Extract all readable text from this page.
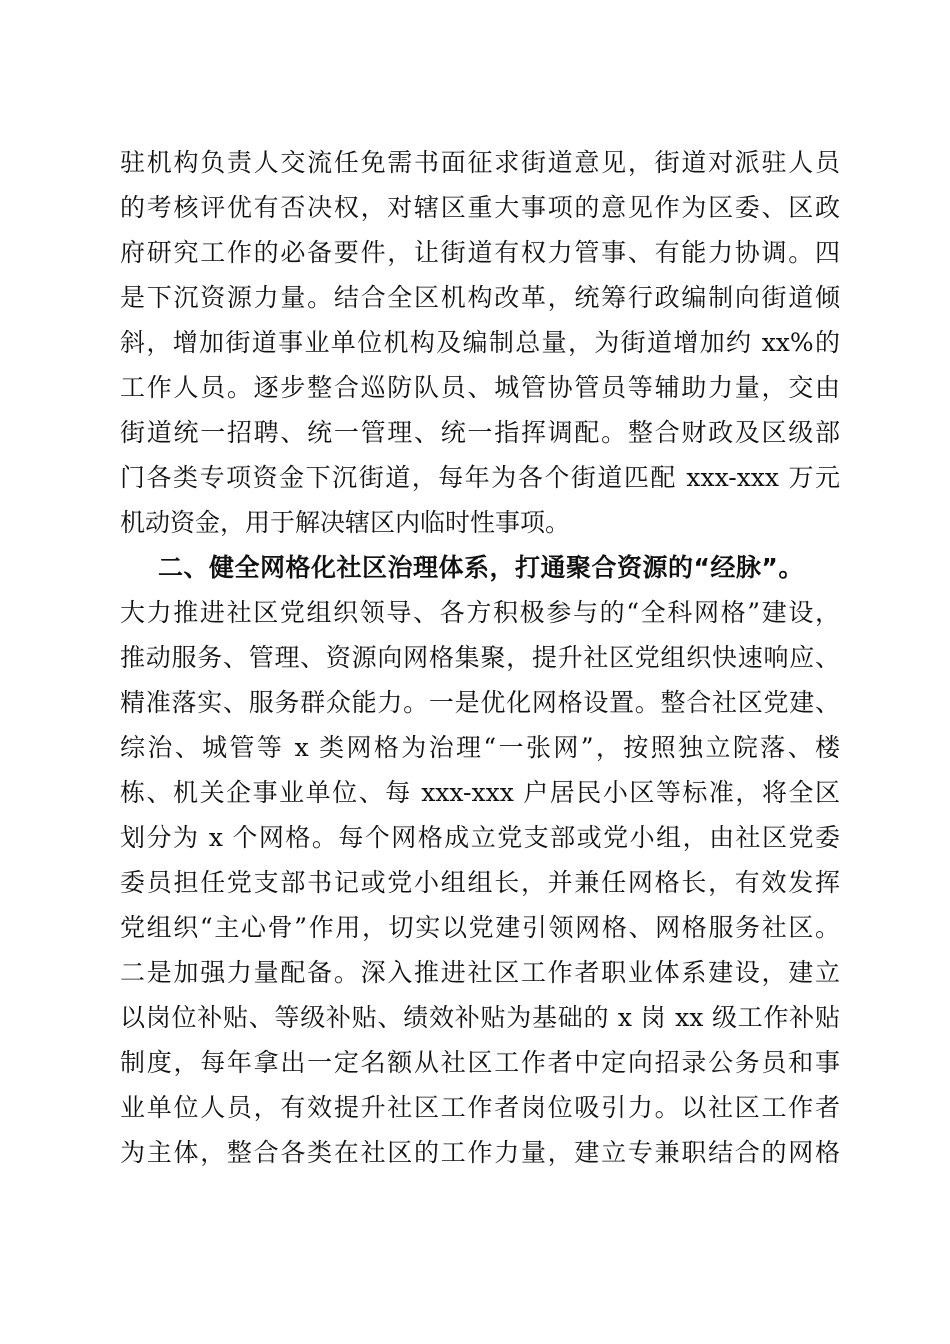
驻机构负责人交流任免需书面征求街道意见，街道对派驻人员
的考核评优有否决权，对辖区重大事项的意见作为区委、区政
府研究工作的必备要件，让街道有权力管事、有能力协调。四
是下沉资源力量。结合全区机构改革，统筹行政编制向街道倾
斜，增加街道事业单位机构及编制总量，为街道增加约 xx%的
工作人员。逐步整合巡防队员、城管协管员等辅助力量，交由
街道统一招聘、统一管理、统一指挥调配。整合财政及区级部
门各类专项资金下沉街道，每年为各个街道匹配 xxx-xxx 万元
机动资金，用于解决辖区内临时性事项。
二、健全网格化社区治理体系，打通聚合资源的“经脉”。
大力推进社区党组织领导、各方积极参与的“全科网格”建设，
推动服务、管理、资源向网格集聚，提升社区党组织快速响应、
精准落实、服务群众能力。一是优化网格设置。整合社区党建、
综治、城管等 x 类网格为治理“一张网”，按照独立院落、楼
栋、机关企事业单位、每 xxx-xxx 户居民小区等标准，将全区
划分为 x 个网格。每个网格成立党支部或党小组，由社区党委
委员担任党支部书记或党小组组长，并兼任网格长，有效发挥
党组织“主心骨”作用，切实以党建引领网格、网格服务社区。
二是加强力量配备。深入推进社区工作者职业体系建设，建立
以岗位补贴、等级补贴、绩效补贴为基础的 x 岗 xx 级工作补贴
制度，每年拿出一定名额从社区工作者中定向招录公务员和事
业单位人员，有效提升社区工作者岗位吸引力。以社区工作者
为主体，整合各类在社区的工作力量，建立专兼职结合的网格
